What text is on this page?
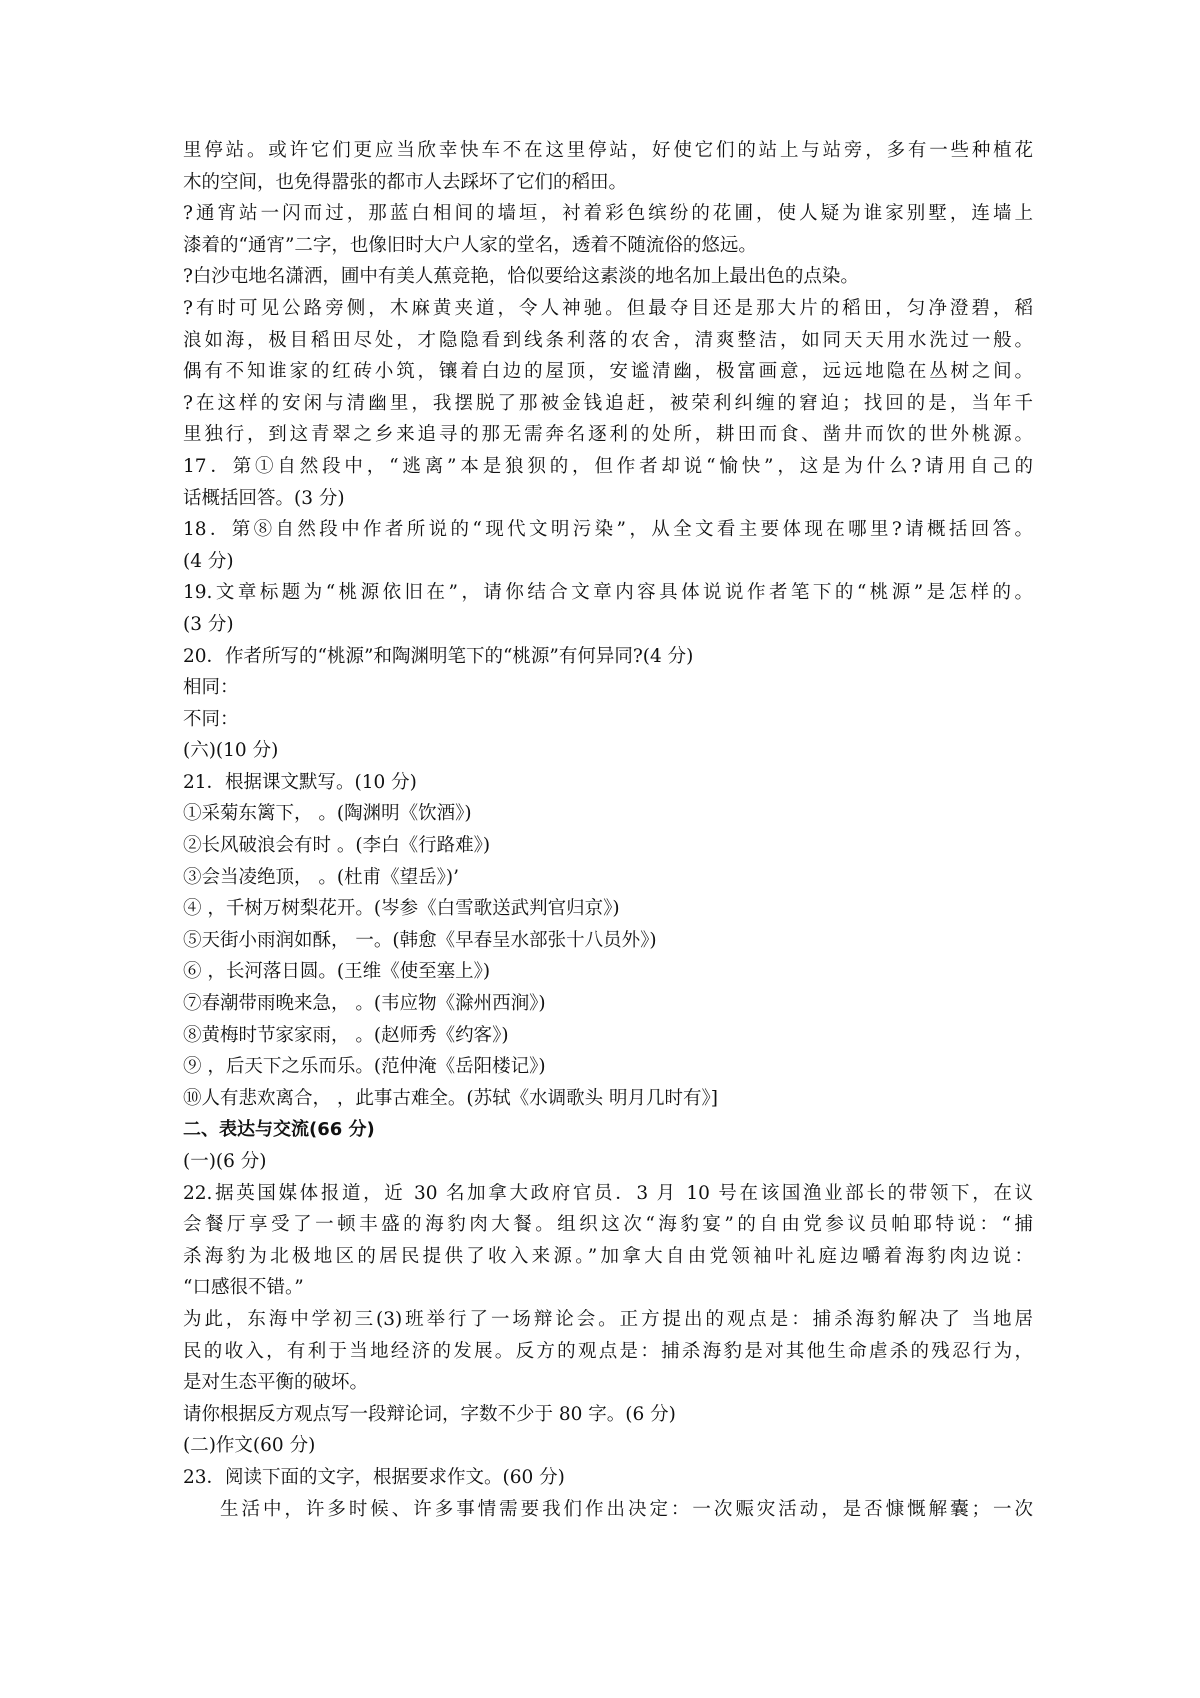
里停站。或许它们更应当欣幸快车不在这里停站，好使它们的站上与站旁，多有一些种植花
木的空间，也免得嚣张的都市人去踩坏了它们的稻田。
?通宵站一闪而过，那蓝白相间的墙垣，衬着彩色缤纷的花圃，使人疑为谁家别墅，连墙上
漆着的“通宵”二字，也像旧时大户人家的堂名，透着不随流俗的悠远。
?白沙屯地名潇洒，圃中有美人蕉竞艳，恰似要给这素淡的地名加上最出色的点染。
?有时可见公路旁侧，木麻黄夹道，令人神驰。但最夺目还是那大片的稻田，匀净澄碧，稻
浪如海，极目稻田尽处，才隐隐看到线条利落的农舍，清爽整洁，如同天天用水洗过一般。
偶有不知谁家的红砖小筑，镶着白边的屋顶，安谧清幽，极富画意，远远地隐在丛树之间。
?在这样的安闲与清幽里，我摆脱了那被金钱追赶，被荣利纠缠的窘迫；找回的是，当年千
里独行，到这青翠之乡来追寻的那无需奔名逐利的处所，耕田而食、凿井而饮的世外桃源。
17．第①自然段中，“逃离”本是狼狈的，但作者却说“愉快”，这是为什么?请用自己的
话概括回答。(3 分)
18．第⑧自然段中作者所说的“现代文明污染”，从全文看主要体现在哪里?请概括回答。
(4 分)
19.文章标题为“桃源依旧在”，请你结合文章内容具体说说作者笔下的“桃源”是怎样的。
(3 分)
20．作者所写的“桃源”和陶渊明笔下的“桃源”有何异同?(4 分)
相同：
不同：
(六)(10 分)
21．根据课文默写。(10 分)
①采菊东篱下， 。(陶渊明《饮酒》)
②长风破浪会有时 。(李白《行路难》)
③会当凌绝顶， 。(杜甫《望岳》)’
④ ，千树万树梨花开。(岑参《白雪歌送武判官归京》)
⑤天街小雨润如酥， 一。(韩愈《早春呈水部张十八员外》)
⑥ ，长河落日圆。(王维《使至塞上》)
⑦春潮带雨晚来急， 。(韦应物《滁州西涧》)
⑧黄梅时节家家雨， 。(赵师秀《约客》)
⑨ ，后天下之乐而乐。(范仲淹《岳阳楼记》)
⑩人有悲欢离合， ，此事古难全。(苏轼《水调歌头 明月几时有》]
二、表达与交流(66 分)
(一)(6 分)
22.据英国媒体报道，近 30 名加拿大政府官员．3 月 10 号在该国渔业部长的带领下，在议
会餐厅享受了一顿丰盛的海豹肉大餐。组织这次“海豹宴”的自由党参议员帕耶特说：“捕
杀海豹为北极地区的居民提供了收入来源。”加拿大自由党领袖叶礼庭边嚼着海豹肉边说：
“口感很不错。”
为此，东海中学初三(3)班举行了一场辩论会。正方提出的观点是：捕杀海豹解决了 当地居
民的收入，有利于当地经济的发展。反方的观点是：捕杀海豹是对其他生命虐杀的残忍行为，
是对生态平衡的破坏。
请你根据反方观点写一段辩论词，字数不少于 80 字。(6 分)
(二)作文(60 分)
23．阅读下面的文字，根据要求作文。(60 分)
生活中，许多时候、许多事情需要我们作出决定：一次赈灾活动，是否慷慨解囊；一次
